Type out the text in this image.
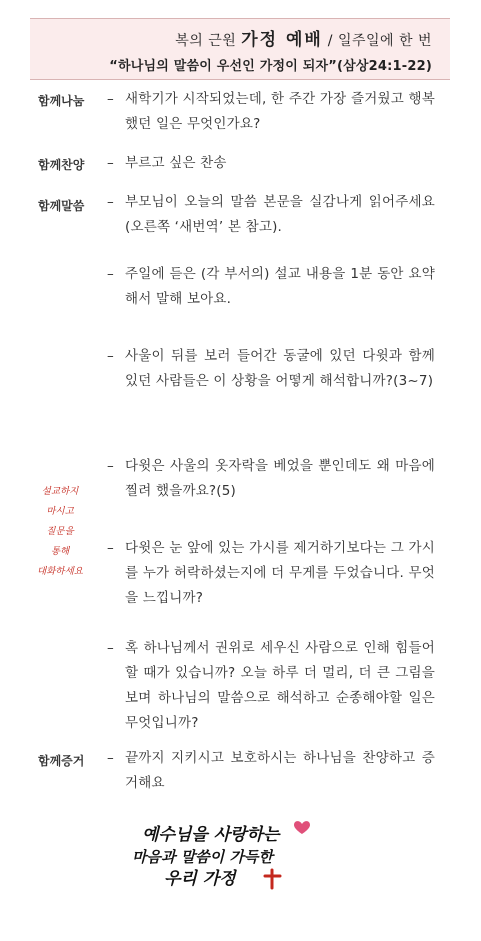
복의 근원 가정 예배 / 일주일에 한 번
“하나님의 말씀이 우선인 가정이 되자”(삼상24:1-22)
함께나눔 – 새학기가 시작되었는데, 한 주간 가장 즐거웠고 행복했던 일은 무엇인가요?
함께찬양 – 부르고 싶은 찬송
함께말씀 – 부모님이 오늘의 말씀 본문을 실감나게 읽어주세요(오른쪽 ‘새번역’ 본 참고).
– 주일에 듣은 (각 부서의) 설교 내용을 1분 동안 요약해서 말해 보아요.
– 사울이 뒤를 보러 들어간 동굴에 있던 다윗과 함께 있던 사람들은 이 상황을 어떻게 해석합니까?(3~7)
– 다윗은 사울의 옷자락을 베었을 뿐인데도 왜 마음에 찔려 했을까요?(5)
– 다윗은 눈 앞에 있는 가시를 제거하기보다는 그 가시를 누가 허락하셨는지에 더 무게를 두었습니다. 무엇을 느낍니까?
– 혹 하나님께서 권위로 세우신 사람으로 인해 힘들어할 때가 있습니까? 오늘 하루 더 멀리, 더 큰 그림을 보며 하나님의 말씀으로 해석하고 순종해야할 일은 무엇입니까?
함께증거 – 끝까지 지키시고 보호하시는 하나님을 찬양하고 증거해요
설교하지
마시고
질문을
통해
대화하세요
예수님을 사랑하는
마음과 말씀이 가득한
우리 가정
